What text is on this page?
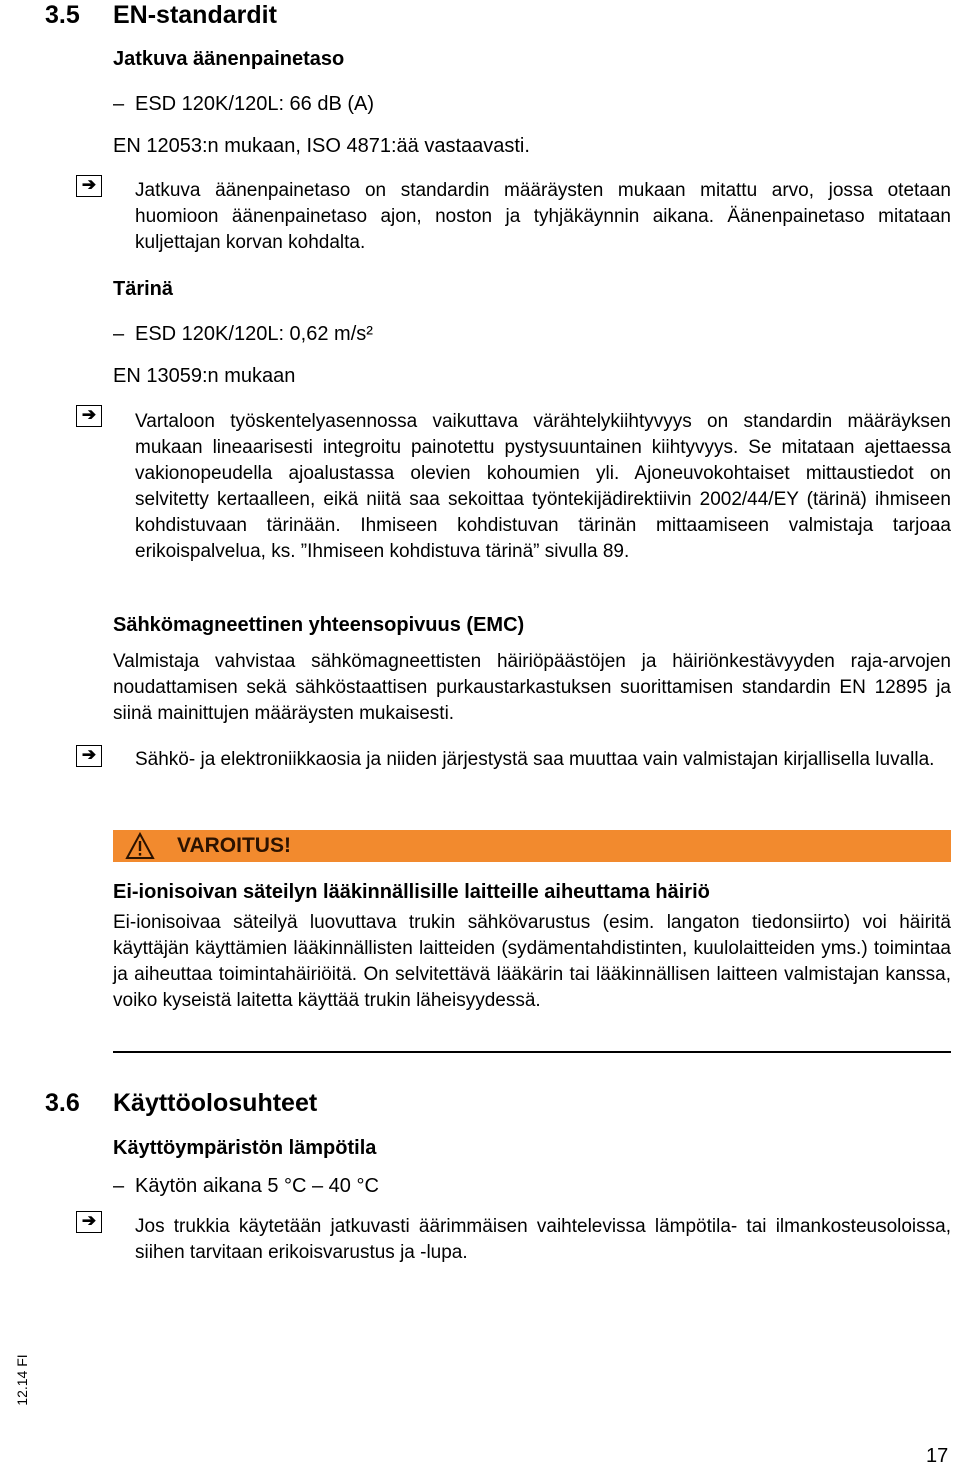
3.5 EN-standardit
Jatkuva äänenpainetaso
– ESD 120K/120L: 66 dB (A)
EN 12053:n mukaan, ISO 4871:ää vastaavasti.
➔	Jatkuva äänenpainetaso on standardin määräysten mukaan mitattu arvo, jossa otetaan huomioon äänenpainetaso ajon, noston ja tyhjäkäynnin aikana. Äänenpainetaso mitataan kuljettajan korvan kohdalta.
Tärinä
– ESD 120K/120L: 0,62 m/s²
EN 13059:n mukaan
➔	Vartaloon työskentelyasennossa vaikuttava värähtelykiihtyvyys on standardin määräyksen mukaan lineaarisesti integroitu painotettu pystysuuntainen kiihtyvyys. Se mitataan ajettaessa vakionopeudella ajoalustassa olevien kohoumien yli. Ajoneuvokohtaiset mittaustiedot on selvitetty kertaalleen, eikä niitä saa sekoittaa työntekijädirektiivin 2002/44/EY (tärinä) ihmiseen kohdistuvaan tärinään. Ihmiseen kohdistuvan tärinän mittaamiseen valmistaja tarjoaa erikoispalvelua, ks. ”Ihmiseen kohdistuva tärinä” sivulla 89.
Sähkömagneettinen yhteensopivuus (EMC)
Valmistaja vahvistaa sähkömagneettisten häiriöpäästöjen ja häiriönkestävyyden raja-arvojen noudattamisen sekä sähköstaattisen purkaustarkastuksen suorittamisen standardin EN 12895 ja siinä mainittujen määräysten mukaisesti.
➔	Sähkö- ja elektroniikkaosia ja niiden järjestystä saa muuttaa vain valmistajan kirjallisella luvalla.
VAROITUS!
Ei-ionisoivan säteilyn lääkinnällisille laitteille aiheuttama häiriö
Ei-ionisoivaa säteilyä luovuttava trukin sähkövarustus (esim. langaton tiedonsiirto) voi häiritä käyttäjän käyttämien lääkinnällisten laitteiden (sydämentahdistinten, kuulolaitteiden yms.) toimintaa ja aiheuttaa toimintahäiriöitä. On selvitettävä lääkärin tai lääkinnällisen laitteen valmistajan kanssa, voiko kyseistä laitetta käyttää trukin läheisyydessä.
3.6 Käyttöolosuhteet
Käyttöympäristön lämpötila
– Käytön aikana 5 °C – 40 °C
➔	Jos trukkia käytetään jatkuvasti äärimmäisen vaihtelevissa lämpötila- tai ilmankosteusoloissa, siihen tarvitaan erikoisvarustus ja -lupa.
12.14 FI
17
